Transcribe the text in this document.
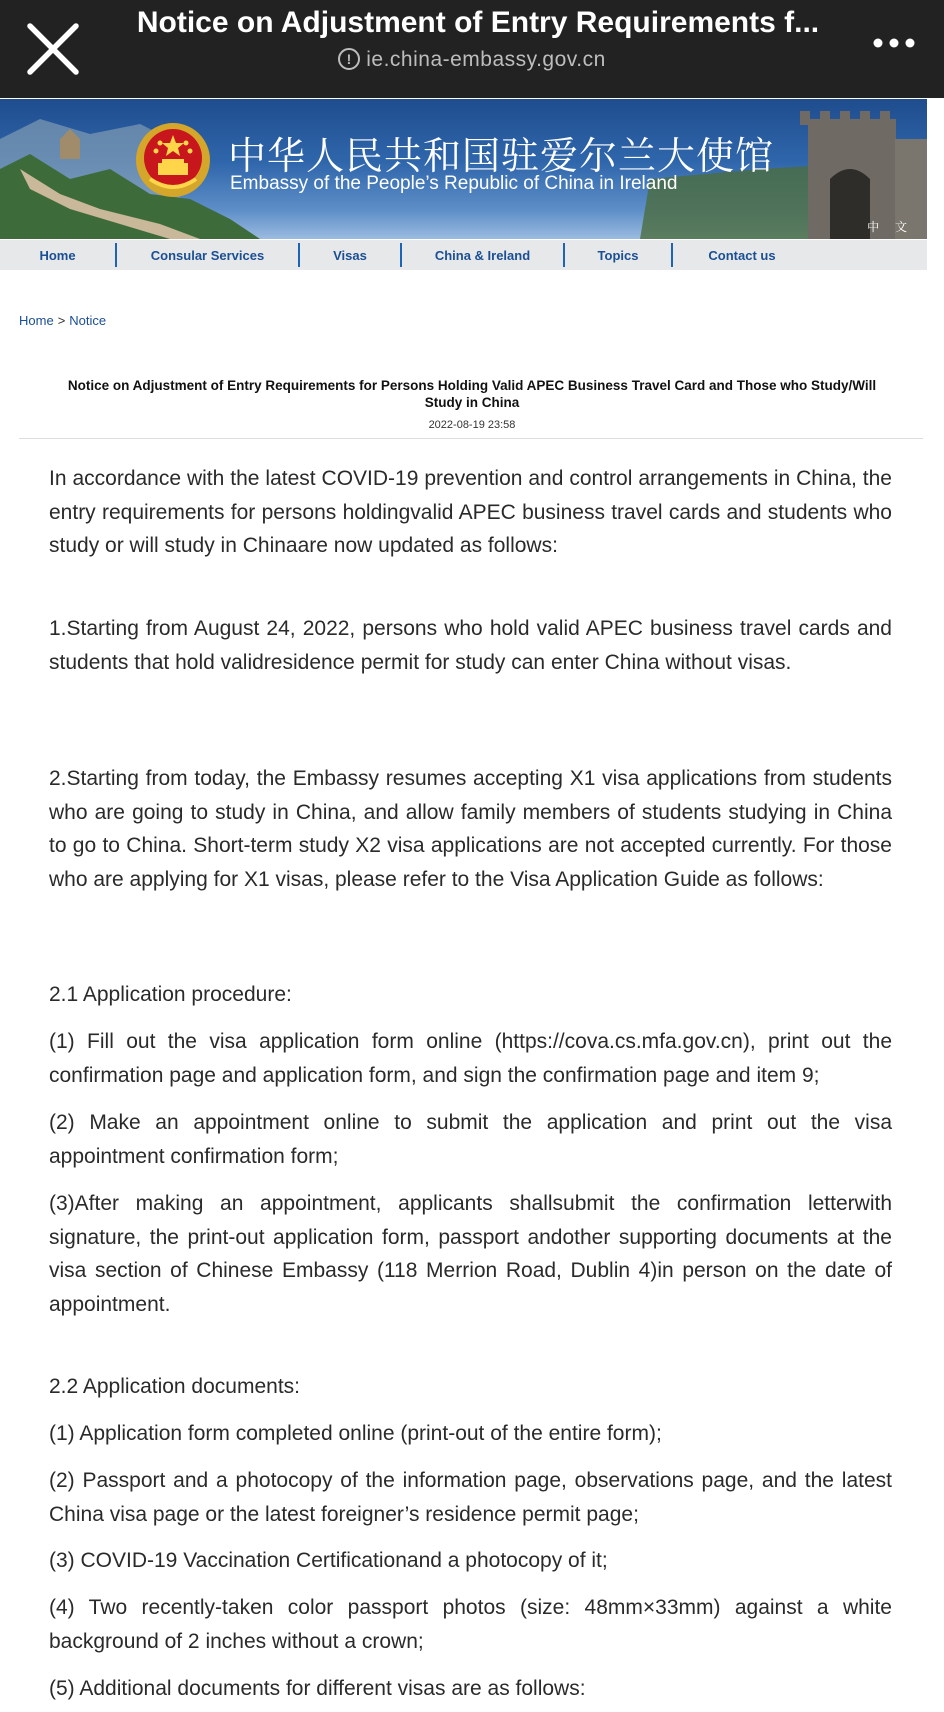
Notice on Adjustment of Entry Requirements f...
! ie.china-embassy.gov.cn
中华人民共和国驻爱尔兰大使馆
Embassy of the People’s Republic of China in Ireland
中 文
Home	Consular Services	Visas	China & Ireland	Topics	Contact us
Home > Notice
Notice on Adjustment of Entry Requirements for Persons Holding Valid APEC Business Travel Card and Those who Study/Will Study in China
2022-08-19 23:58

In accordance with the latest COVID-19 prevention and control arrangements in China, the entry requirements for persons holdingvalid APEC business travel cards and students who study or will study in Chinaare now updated as follows:

1.Starting from August 24, 2022, persons who hold valid APEC business travel cards and students that hold validresidence permit for study can enter China without visas.

2.Starting from today, the Embassy resumes accepting X1 visa applications from students who are going to study in China, and allow family members of students studying in China to go to China. Short-term study X2 visa applications are not accepted currently. For those who are applying for X1 visas, please refer to the Visa Application Guide as follows:

2.1 Application procedure:

(1) Fill out the visa application form online (https://cova.cs.mfa.gov.cn), print out the confirmation page and application form, and sign the confirmation page and item 9;

(2) Make an appointment online to submit the application and print out the visa appointment confirmation form;

(3)After making an appointment, applicants shallsubmit the confirmation letterwith signature, the print-out application form, passport andother supporting documents at the visa section of Chinese Embassy (118 Merrion Road, Dublin 4)in person on the date of appointment.

2.2 Application documents:

(1) Application form completed online (print-out of the entire form);

(2) Passport and a photocopy of the information page, observations page, and the latest China visa page or the latest foreigner’s residence permit page;

(3) COVID-19 Vaccination Certificationand a photocopy of it;

(4) Two recently-taken color passport photos (size: 48mm×33mm) against a white background of 2 inches without a crown;

(5) Additional documents for different visas are as follows:
